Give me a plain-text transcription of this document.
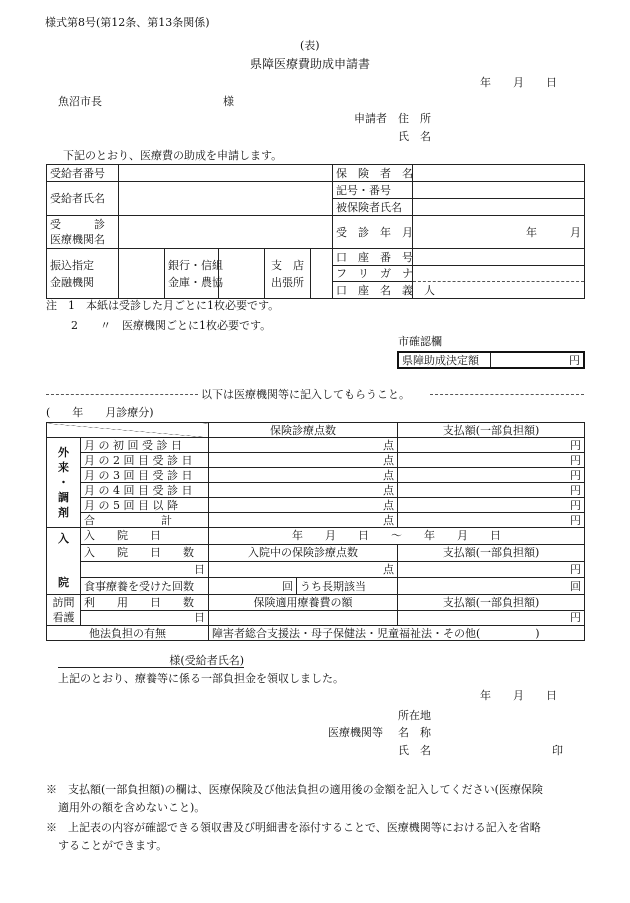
様式第8号(第12条、第13条関係)
(表)
県障医療費助成申請書
年　　月　　日
魚沼市長	様
申請者 住　所
氏　名
下記のとおり、医療費の助成を申請します。
受給者番号						保　険　者　名	
受給者氏名						記号・番号	
						被保険者氏名	
受　　　診
医療機関名						受　診　年　月	年　　　月
振込指定
金融機関		銀行・信組
金庫・農協		支　店
出張所		口　座　番　号	
						フ　リ　ガ　ナ	
						口　座　名　義　人	
注　1　本紙は受診した月ごとに1枚必要です。
2　　〃　医療機関ごとに1枚必要です。
市確認欄
県障助成決定額	円
以下は医療機関等に記入してもらうこと。
(　　年　　月診療分)
		保険診療点数		支払額(一部負担額)
外
来
・
調
剤	月 の 初 回 受 診 日	点		円
	月 の 2 回 目 受 診 日	点		円
	月 の 3 回 目 受 診 日	点		円
	月 の 4 回 目 受 診 日	点		円
	月 の 5 回 目 以 降	点		円
	合　　　　　　計	点		円
入

院	入　　院　　日	年　　月　　日　　〜　　年　　月　　日		
	入　　院　　日　　数	入院中の保険診療点数		支払額(一部負担額)
	日	点		円
	食事療養を受けた回数	回	うち長期該当	回
訪問
看護	利　　用　　日　　数	保険適用療養費の額		支払額(一部負担額)
	日			円
他法負担の有無		障害者総合支援法・母子保健法・児童福祉法・その他(　　　　　)		
様(受給者氏名)
上記のとおり、療養等に係る一部負担金を領収しました。
年　　月　　日
所在地
医療機関等 名　称
氏　名	印
※　支払額(一部負担額)の欄は、医療保険及び他法負担の適用後の金額を記入してください(医療保険
適用外の額を含めないこと)。
※　上記表の内容が確認できる領収書及び明細書を添付することで、医療機関等における記入を省略
することができます。
